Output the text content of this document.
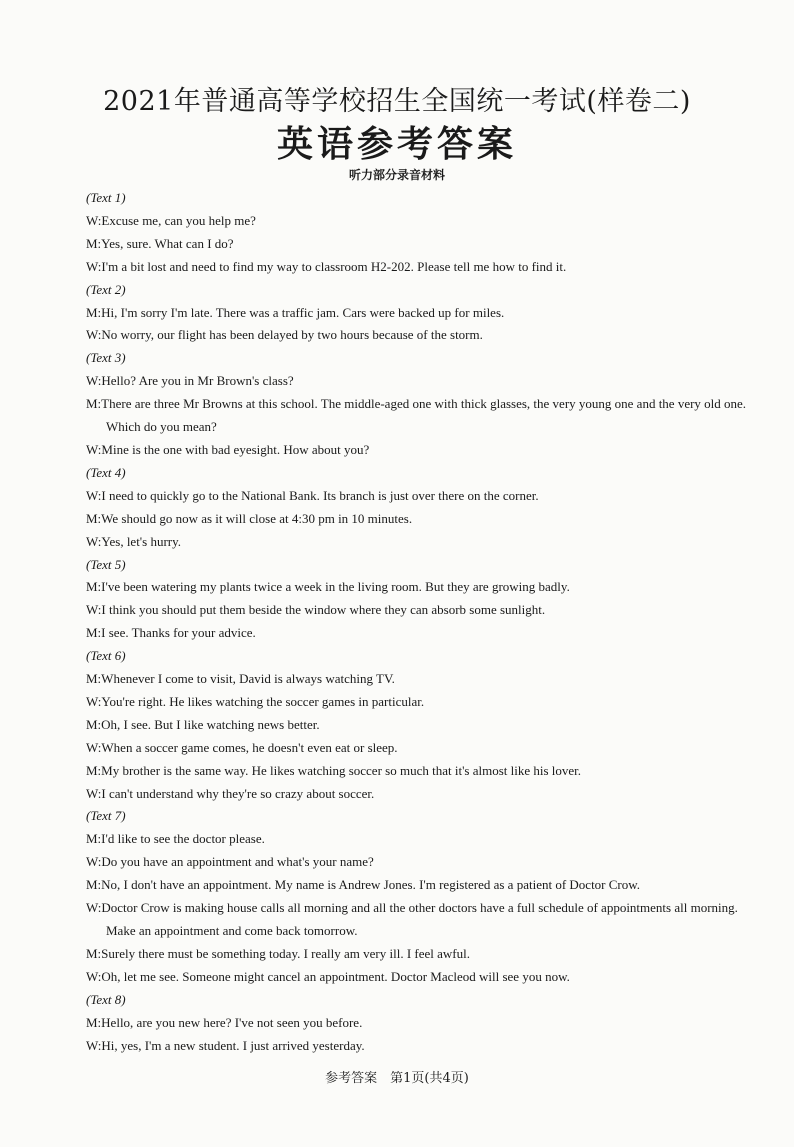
2021年普通高等学校招生全国统一考试(样卷二)
英语参考答案
听力部分录音材料
(Text 1)
W:Excuse me, can you help me?
M:Yes, sure. What can I do?
W:I'm a bit lost and need to find my way to classroom H2-202. Please tell me how to find it.
(Text 2)
M:Hi, I'm sorry I'm late. There was a traffic jam. Cars were backed up for miles.
W:No worry, our flight has been delayed by two hours because of the storm.
(Text 3)
W:Hello? Are you in Mr Brown's class?
M:There are three Mr Browns at this school. The middle-aged one with thick glasses, the very young one and the very old one. Which do you mean?
W:Mine is the one with bad eyesight. How about you?
(Text 4)
W:I need to quickly go to the National Bank. Its branch is just over there on the corner.
M:We should go now as it will close at 4:30 pm in 10 minutes.
W:Yes, let's hurry.
(Text 5)
M:I've been watering my plants twice a week in the living room. But they are growing badly.
W:I think you should put them beside the window where they can absorb some sunlight.
M:I see. Thanks for your advice.
(Text 6)
M:Whenever I come to visit, David is always watching TV.
W:You're right. He likes watching the soccer games in particular.
M:Oh, I see. But I like watching news better.
W:When a soccer game comes, he doesn't even eat or sleep.
M:My brother is the same way. He likes watching soccer so much that it's almost like his lover.
W:I can't understand why they're so crazy about soccer.
(Text 7)
M:I'd like to see the doctor please.
W:Do you have an appointment and what's your name?
M:No, I don't have an appointment. My name is Andrew Jones. I'm registered as a patient of Doctor Crow.
W:Doctor Crow is making house calls all morning and all the other doctors have a full schedule of appointments all morning. Make an appointment and come back tomorrow.
M:Surely there must be something today. I really am very ill. I feel awful.
W:Oh, let me see. Someone might cancel an appointment. Doctor Macleod will see you now.
(Text 8)
M:Hello, are you new here? I've not seen you before.
W:Hi, yes, I'm a new student. I just arrived yesterday.
参考答案　第1页(共4页)
